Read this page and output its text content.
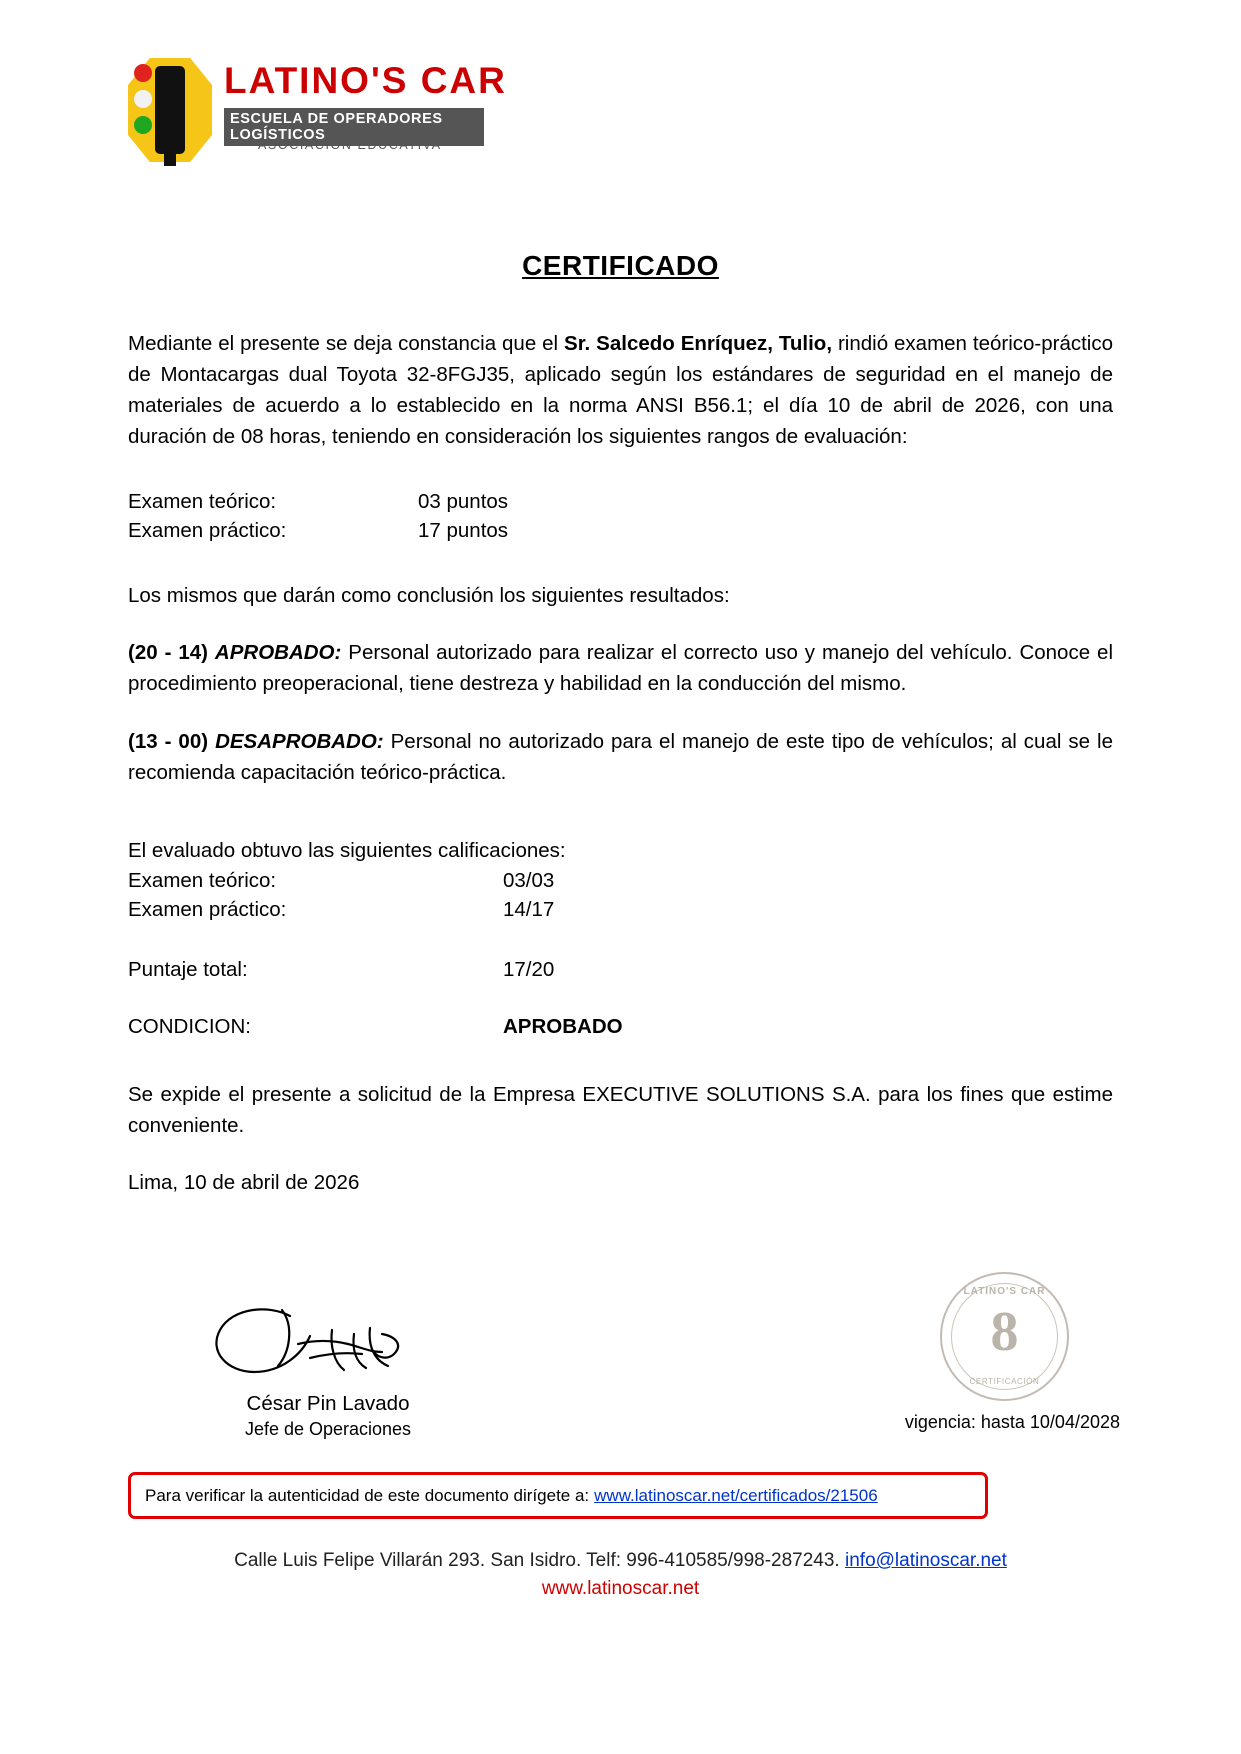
LATINO'S CAR
ESCUELA DE OPERADORES LOGÍSTICOS
ASOCIACIÓN EDUCATIVA
CERTIFICADO

Mediante el presente se deja constancia que el Sr. Salcedo Enríquez, Tulio, rindió examen teórico-práctico de Montacargas dual Toyota 32-8FGJ35, aplicado según los estándares de seguridad en el manejo de materiales de acuerdo a lo establecido en la norma ANSI B56.1; el día 10 de abril de 2026, con una duración de 08 horas, teniendo en consideración los siguientes rangos de evaluación:

Examen teórico:	03 puntos
Examen práctico:	17 puntos

Los mismos que darán como conclusión los siguientes resultados:

(20 - 14) APROBADO: Personal autorizado para realizar el correcto uso y manejo del vehículo. Conoce el procedimiento preoperacional, tiene destreza y habilidad en la conducción del mismo.

(13 - 00) DESAPROBADO: Personal no autorizado para el manejo de este tipo de vehículos; al cual se le recomienda capacitación teórico-práctica.

El evaluado obtuvo las siguientes calificaciones:
Examen teórico:	03/03
Examen práctico:	14/17
Puntaje total:	17/20
CONDICION:	APROBADO

Se expide el presente a solicitud de la Empresa EXECUTIVE SOLUTIONS S.A. para los fines que estime conveniente.

Lima, 10 de abril de 2026

César Pin Lavado
Jefe de Operaciones
LATINO'S CAR
8
CERTIFICACIÓN
vigencia: hasta 10/04/2028
Para verificar la autenticidad de este documento dirígete a: www.latinoscar.net/certificados/21506
Calle Luis Felipe Villarán 293. San Isidro. Telf: 996-410585/998-287243. info@latinoscar.net
www.latinoscar.net
